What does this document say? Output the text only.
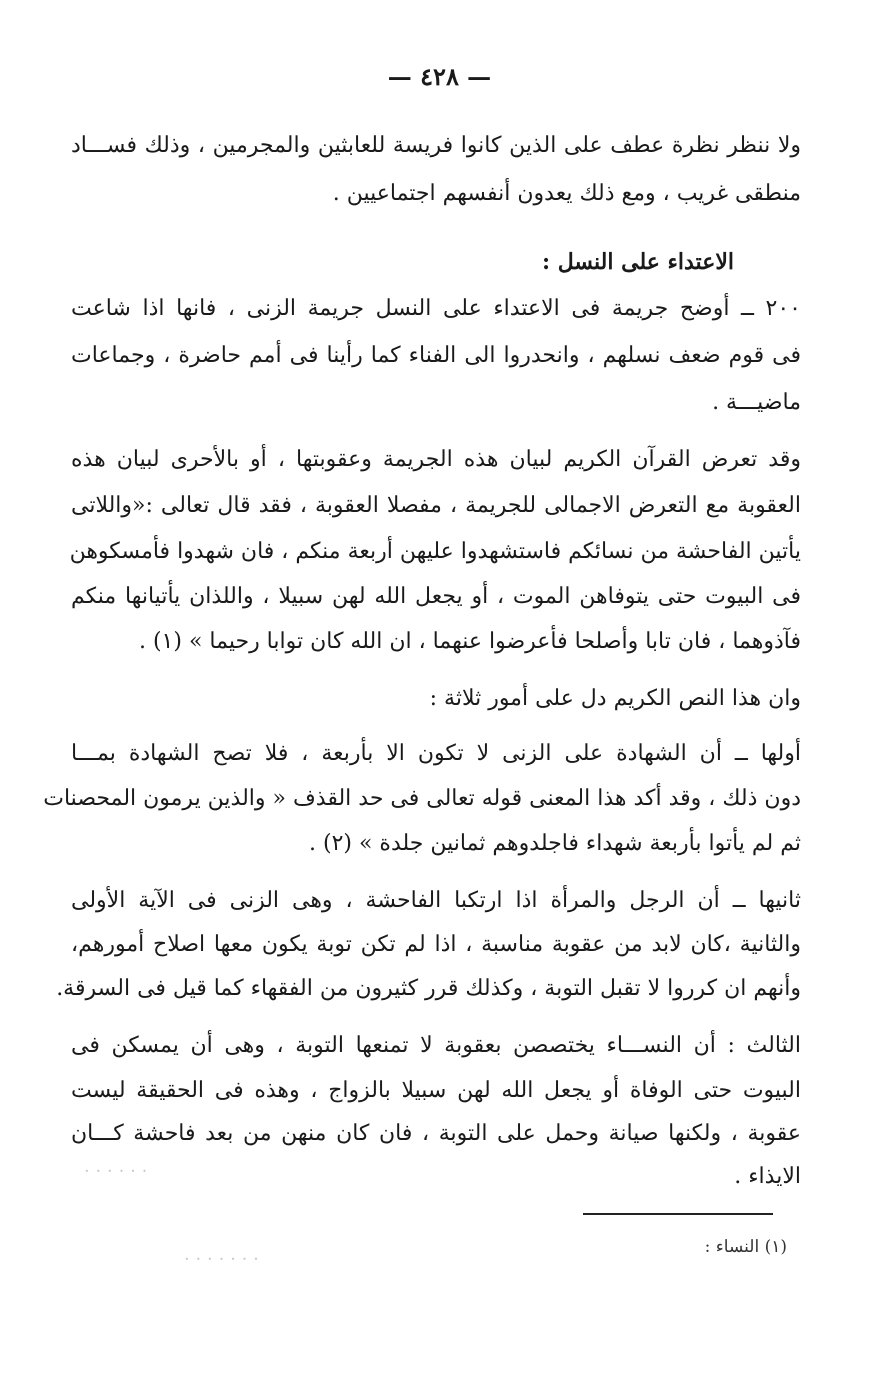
— ٤٢٨ —
ولا ننظر نظرة عطف على الذين كانوا فريسة للعابثين والمجرمين ، وذلك فســـاد
منطقى غريب ، ومع ذلك يعدون أنفسهم اجتماعيين .
الاعتداء على النسل :
٢٠٠ ــ أوضح جريمة فى الاعتداء على النسل جريمة الزنى ، فانها اذا شاعت
فى قوم ضعف نسلهم ، وانحدروا الى الفناء كما رأينا فى أمم حاضرة ، وجماعات
ماضيـــة .
وقد تعرض القرآن الكريم لبيان هذه الجريمة وعقوبتها ، أو بالأحرى لبيان هذه
العقوبة مع التعرض الاجمالى للجريمة ، مفصلا العقوبة ، فقد قال تعالى :«واللاتى
يأتين الفاحشة من نسائكم فاستشهدوا عليهن أربعة منكم ، فان شهدوا فأمسكوهن
فى البيوت حتى يتوفاهن الموت ، أو يجعل الله لهن سبيلا ، واللذان يأتيانها منكم
فآذوهما ، فان تابا وأصلحا فأعرضوا عنهما ، ان الله كان توابا رحيما » (١) .
وان هذا النص الكريم دل على أمور ثلاثة :
أولها ــ أن الشهادة على الزنى لا تكون الا بأربعة ، فلا تصح الشهادة بمـــا
دون ذلك ، وقد أكد هذا المعنى قوله تعالى فى حد القذف « والذين يرمون المحصنات
ثم لم يأتوا بأربعة شهداء فاجلدوهم ثمانين جلدة » (٢) .
ثانيها ــ أن الرجل والمرأة اذا ارتكبا الفاحشة ، وهى الزنى فى الآية الأولى
والثانية ،كان لابد من عقوبة مناسبة ، اذا لم تكن توبة يكون معها اصلاح أمورهم،
وأنهم ان كرروا لا تقبل التوبة ، وكذلك قرر كثيرون من الفقهاء كما قيل فى السرقة.
الثالث : أن النســـاء يختصصن بعقوبة لا تمنعها التوبة ، وهى أن يمسكن فى
البيوت حتى الوفاة أو يجعل الله لهن سبيلا بالزواج ، وهذه فى الحقيقة ليست
عقوبة ، ولكنها صيانة وحمل على التوبة ، فان كان منهن من بعد فاحشة كـــان
الايذاء .
ꞏ ꞏ ꞏ ꞏ ꞏ ꞏ
ꞏ ꞏ ꞏ ꞏ ꞏ ꞏ ꞏ
(١) النساء :
